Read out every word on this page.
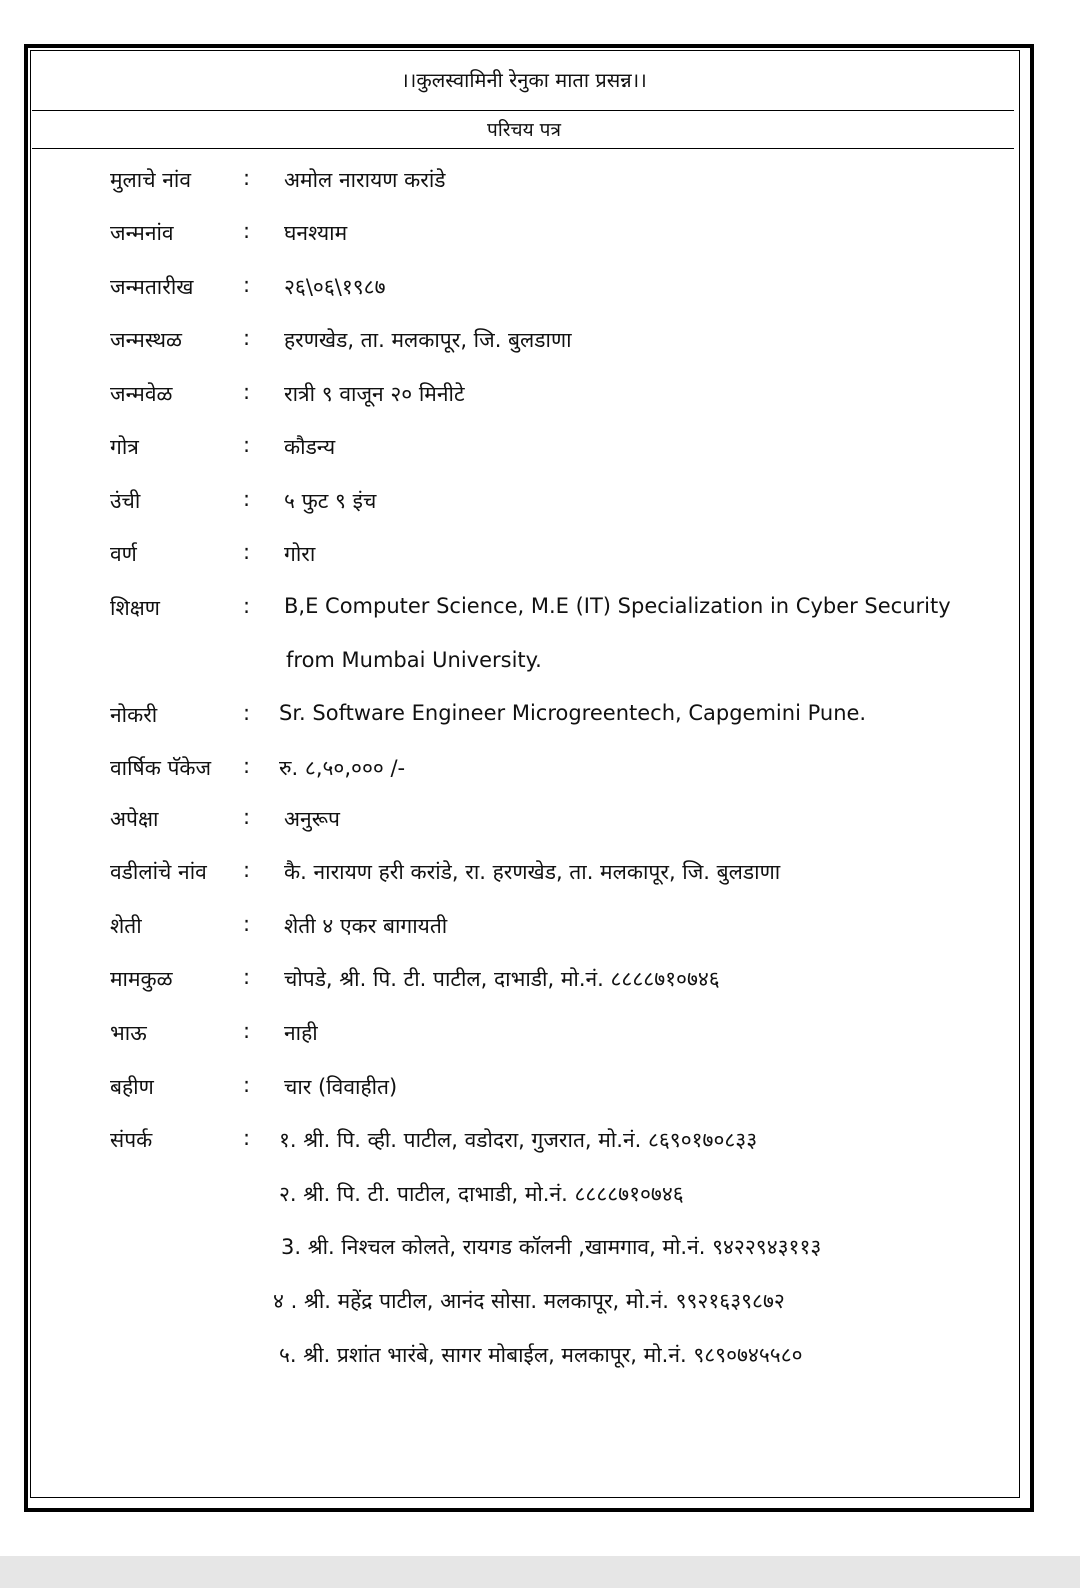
।।कुलस्वामिनी रेनुका माता प्रसन्न।।
परिचय पत्र
मुलाचे नांव : अमोल नारायण करांडे
जन्मनांव	: घनश्याम
जन्मतारीख : २६\०६\१९८७
जन्मस्थळ	: हरणखेड, ता. मलकापूर, जि. बुलडाणा
जन्मवेळ	: रात्री ९ वाजून २० मिनीटे
गोत्र	: कौडन्य
उंची	: ५ फुट ९ इंच
वर्ण	: गोरा
शिक्षण	: B,E Computer Science, M.E (IT) Specialization in Cyber Security
from Mumbai University.
नोकरी	: Sr. Software Engineer Microgreentech, Capgemini Pune.
वार्षिक पॅकेज : रु. ८,५०,००० /-
अपेक्षा	: अनुरूप
वडीलांचे नांव : कै. नारायण हरी करांडे, रा. हरणखेड, ता. मलकापूर, जि. बुलडाणा
शेती	: शेती ४ एकर बागायती
मामकुळ	: चोपडे, श्री. पि. टी. पाटील, दाभाडी, मो.नं. ८८८८७१०७४६
भाऊ	: नाही
बहीण	: चार (विवाहीत)
संपर्क	: १. श्री. पि. व्ही. पाटील, वडोदरा, गुजरात, मो.नं. ८६९०१७०८३३
२. श्री. पि. टी. पाटील, दाभाडी, मो.नं. ८८८८७१०७४६
3. श्री. निश्चल कोलते, रायगड कॉलनी ,खामगाव, मो.नं. ९४२२९४३११३
४ . श्री. महेंद्र पाटील, आनंद सोसा. मलकापूर, मो.नं. ९९२१६३९८७२
५. श्री. प्रशांत भारंबे, सागर मोबाईल, मलकापूर, मो.नं. ९८९०७४५५८०
